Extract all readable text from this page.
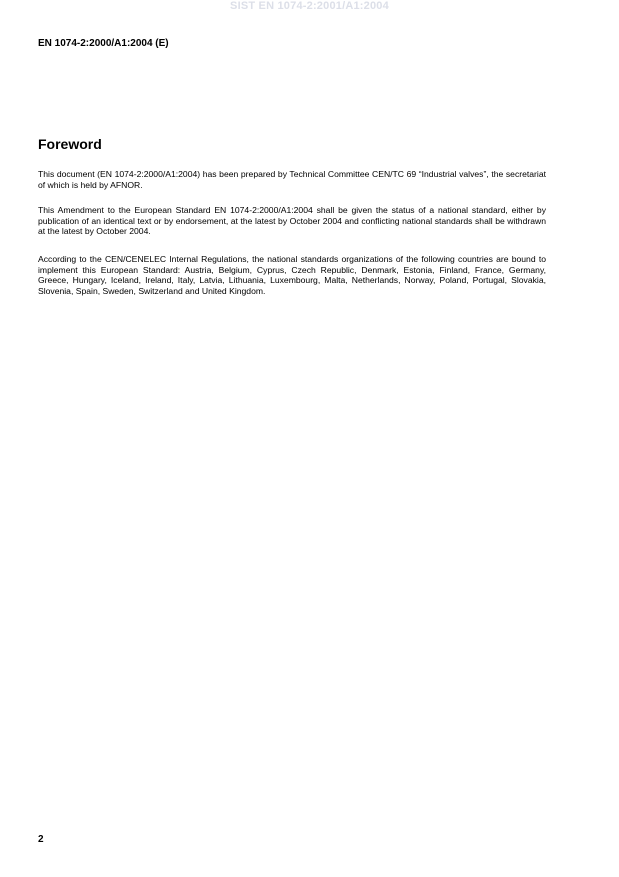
SIST EN 1074-2:2001/A1:2004
EN 1074-2:2000/A1:2004 (E)
Foreword

This document (EN 1074-2:2000/A1:2004) has been prepared by Technical Committee CEN/TC 69 “Industrial valves”, the secretariat of which is held by AFNOR.

This Amendment to the European Standard EN 1074-2:2000/A1:2004 shall be given the status of a national standard, either by publication of an identical text or by endorsement, at the latest by October 2004 and conflicting national standards shall be withdrawn at the latest by October 2004.

According to the CEN/CENELEC Internal Regulations, the national standards organizations of the following countries are bound to implement this European Standard: Austria, Belgium, Cyprus, Czech Republic, Denmark, Estonia, Finland, France, Germany, Greece, Hungary, Iceland, Ireland, Italy, Latvia, Lithuania, Luxembourg, Malta, Netherlands, Norway, Poland, Portugal, Slovakia, Slovenia, Spain, Sweden, Switzerland and United Kingdom.

2
